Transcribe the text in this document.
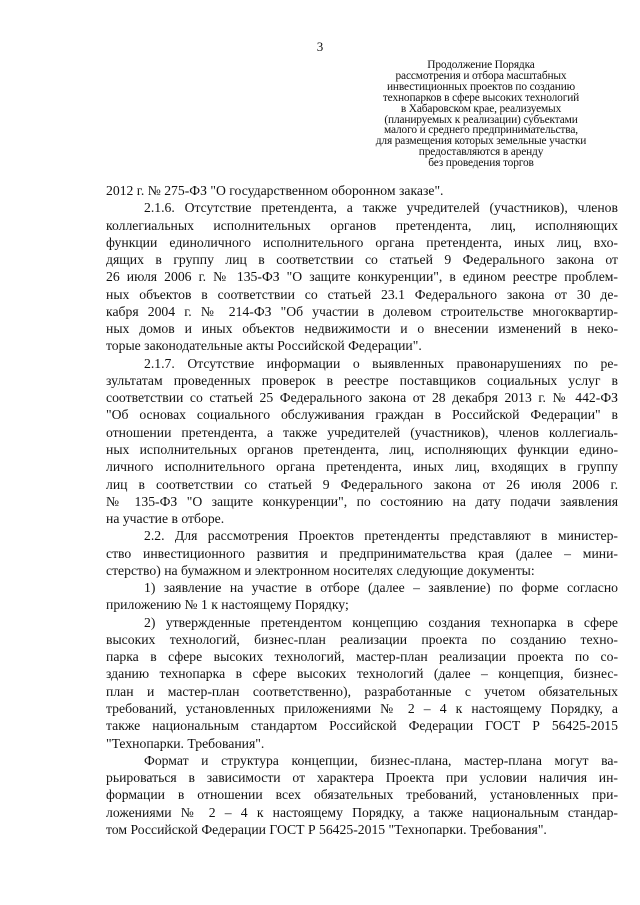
3
Продолжение Порядка
рассмотрения и отбора масштабных
инвестиционных проектов по созданию
технопарков в сфере высоких технологий
в Хабаровском крае, реализуемых
(планируемых к реализации) субъектами
малого и среднего предпринимательства,
для размещения которых земельные участки
предоставляются в аренду
без проведения торгов
2012 г. № 275-ФЗ "О государственном оборонном заказе".
2.1.6. Отсутствие претендента, а также учредителей (участников), членов
коллегиальных исполнительных органов претендента, лиц, исполняющих
функции единоличного исполнительного органа претендента, иных лиц, вхо-
дящих в группу лиц в соответствии со статьей 9 Федерального закона от
26 июля 2006 г. № 135-ФЗ "О защите конкуренции", в едином реестре проблем-
ных объектов в соответствии со статьей 23.1 Федерального закона от 30 де-
кабря 2004 г. № 214-ФЗ "Об участии в долевом строительстве многоквартир-
ных домов и иных объектов недвижимости и о внесении изменений в неко-
торые законодательные акты Российской Федерации".
2.1.7. Отсутствие информации о выявленных правонарушениях по ре-
зультатам проведенных проверок в реестре поставщиков социальных услуг в
соответствии со статьей 25 Федерального закона от 28 декабря 2013 г. № 442-ФЗ
"Об основах социального обслуживания граждан в Российской Федерации" в
отношении претендента, а также учредителей (участников), членов коллегиаль-
ных исполнительных органов претендента, лиц, исполняющих функции едино-
личного исполнительного органа претендента, иных лиц, входящих в группу
лиц в соответствии со статьей 9 Федерального закона от 26 июля 2006 г.
№ 135-ФЗ "О защите конкуренции", по состоянию на дату подачи заявления
на участие в отборе.
2.2. Для рассмотрения Проектов претенденты представляют в министер-
ство инвестиционного развития и предпринимательства края (далее – мини-
стерство) на бумажном и электронном носителях следующие документы:
1) заявление на участие в отборе (далее – заявление) по форме согласно
приложению № 1 к настоящему Порядку;
2) утвержденные претендентом концепцию создания технопарка в сфере
высоких технологий, бизнес-план реализации проекта по созданию техно-
парка в сфере высоких технологий, мастер-план реализации проекта по со-
зданию технопарка в сфере высоких технологий (далее – концепция, бизнес-
план и мастер-план соответственно), разработанные с учетом обязательных
требований, установленных приложениями № 2 – 4 к настоящему Порядку, а
также национальным стандартом Российской Федерации ГОСТ Р 56425-2015
"Технопарки. Требования".
Формат и структура концепции, бизнес-плана, мастер-плана могут ва-
рьироваться в зависимости от характера Проекта при условии наличия ин-
формации в отношении всех обязательных требований, установленных при-
ложениями № 2 – 4 к настоящему Порядку, а также национальным стандар-
том Российской Федерации ГОСТ Р 56425-2015 "Технопарки. Требования".
